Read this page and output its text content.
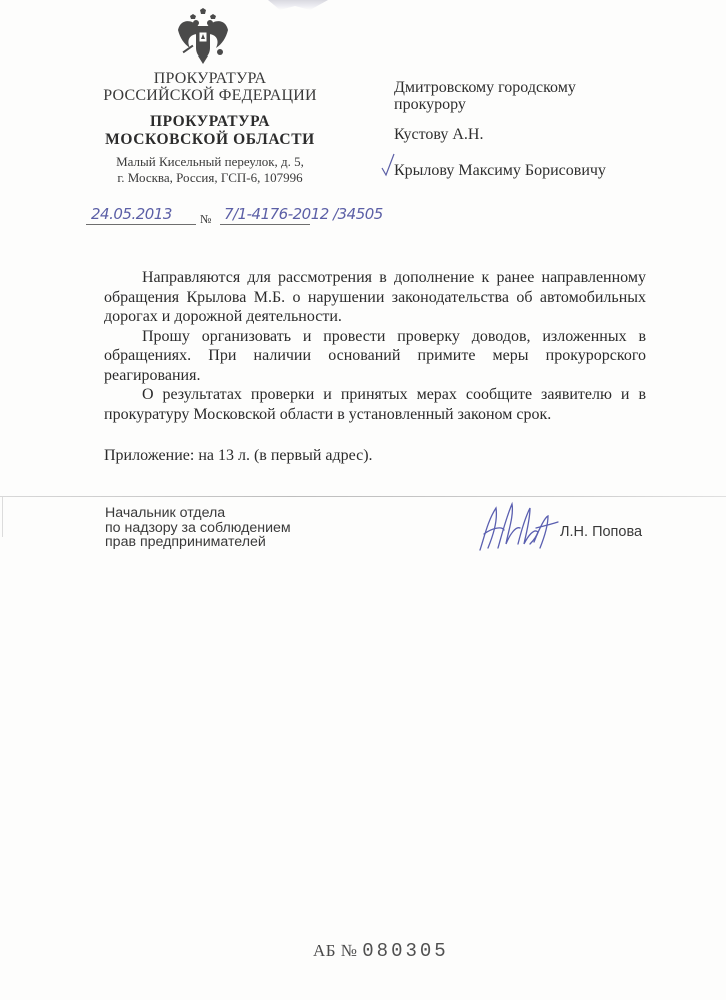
ПРОКУРАТУРА
РОССИЙСКОЙ ФЕДЕРАЦИИ
ПРОКУРАТУРА
МОСКОВСКОЙ ОБЛАСТИ
Малый Кисельный переулок, д. 5,
г. Москва, Россия, ГСП-6, 107996
Дмитровскому городскому
прокурору
Кустову А.Н.
Крылову Максиму Борисовичу
24.05.2013 № 7/1-4176-2012 /34505

Направляются для рассмотрения в дополнение к ранее направленному обращения Крылова М.Б. о нарушении законодательства об автомобильных дорогах и дорожной деятельности.

Прошу организовать и провести проверку доводов, изложенных в обращениях. При наличии оснований примите меры прокурорского реагирования.

О результатах проверки и принятых мерах сообщите заявителю и в прокуратуру Московской области в установленный законом срок.

Приложение: на 13 л. (в первый адрес).
Начальник отдела
по надзору за соблюдением
прав предпринимателей
Л.Н. Попова
АБ № 080305
